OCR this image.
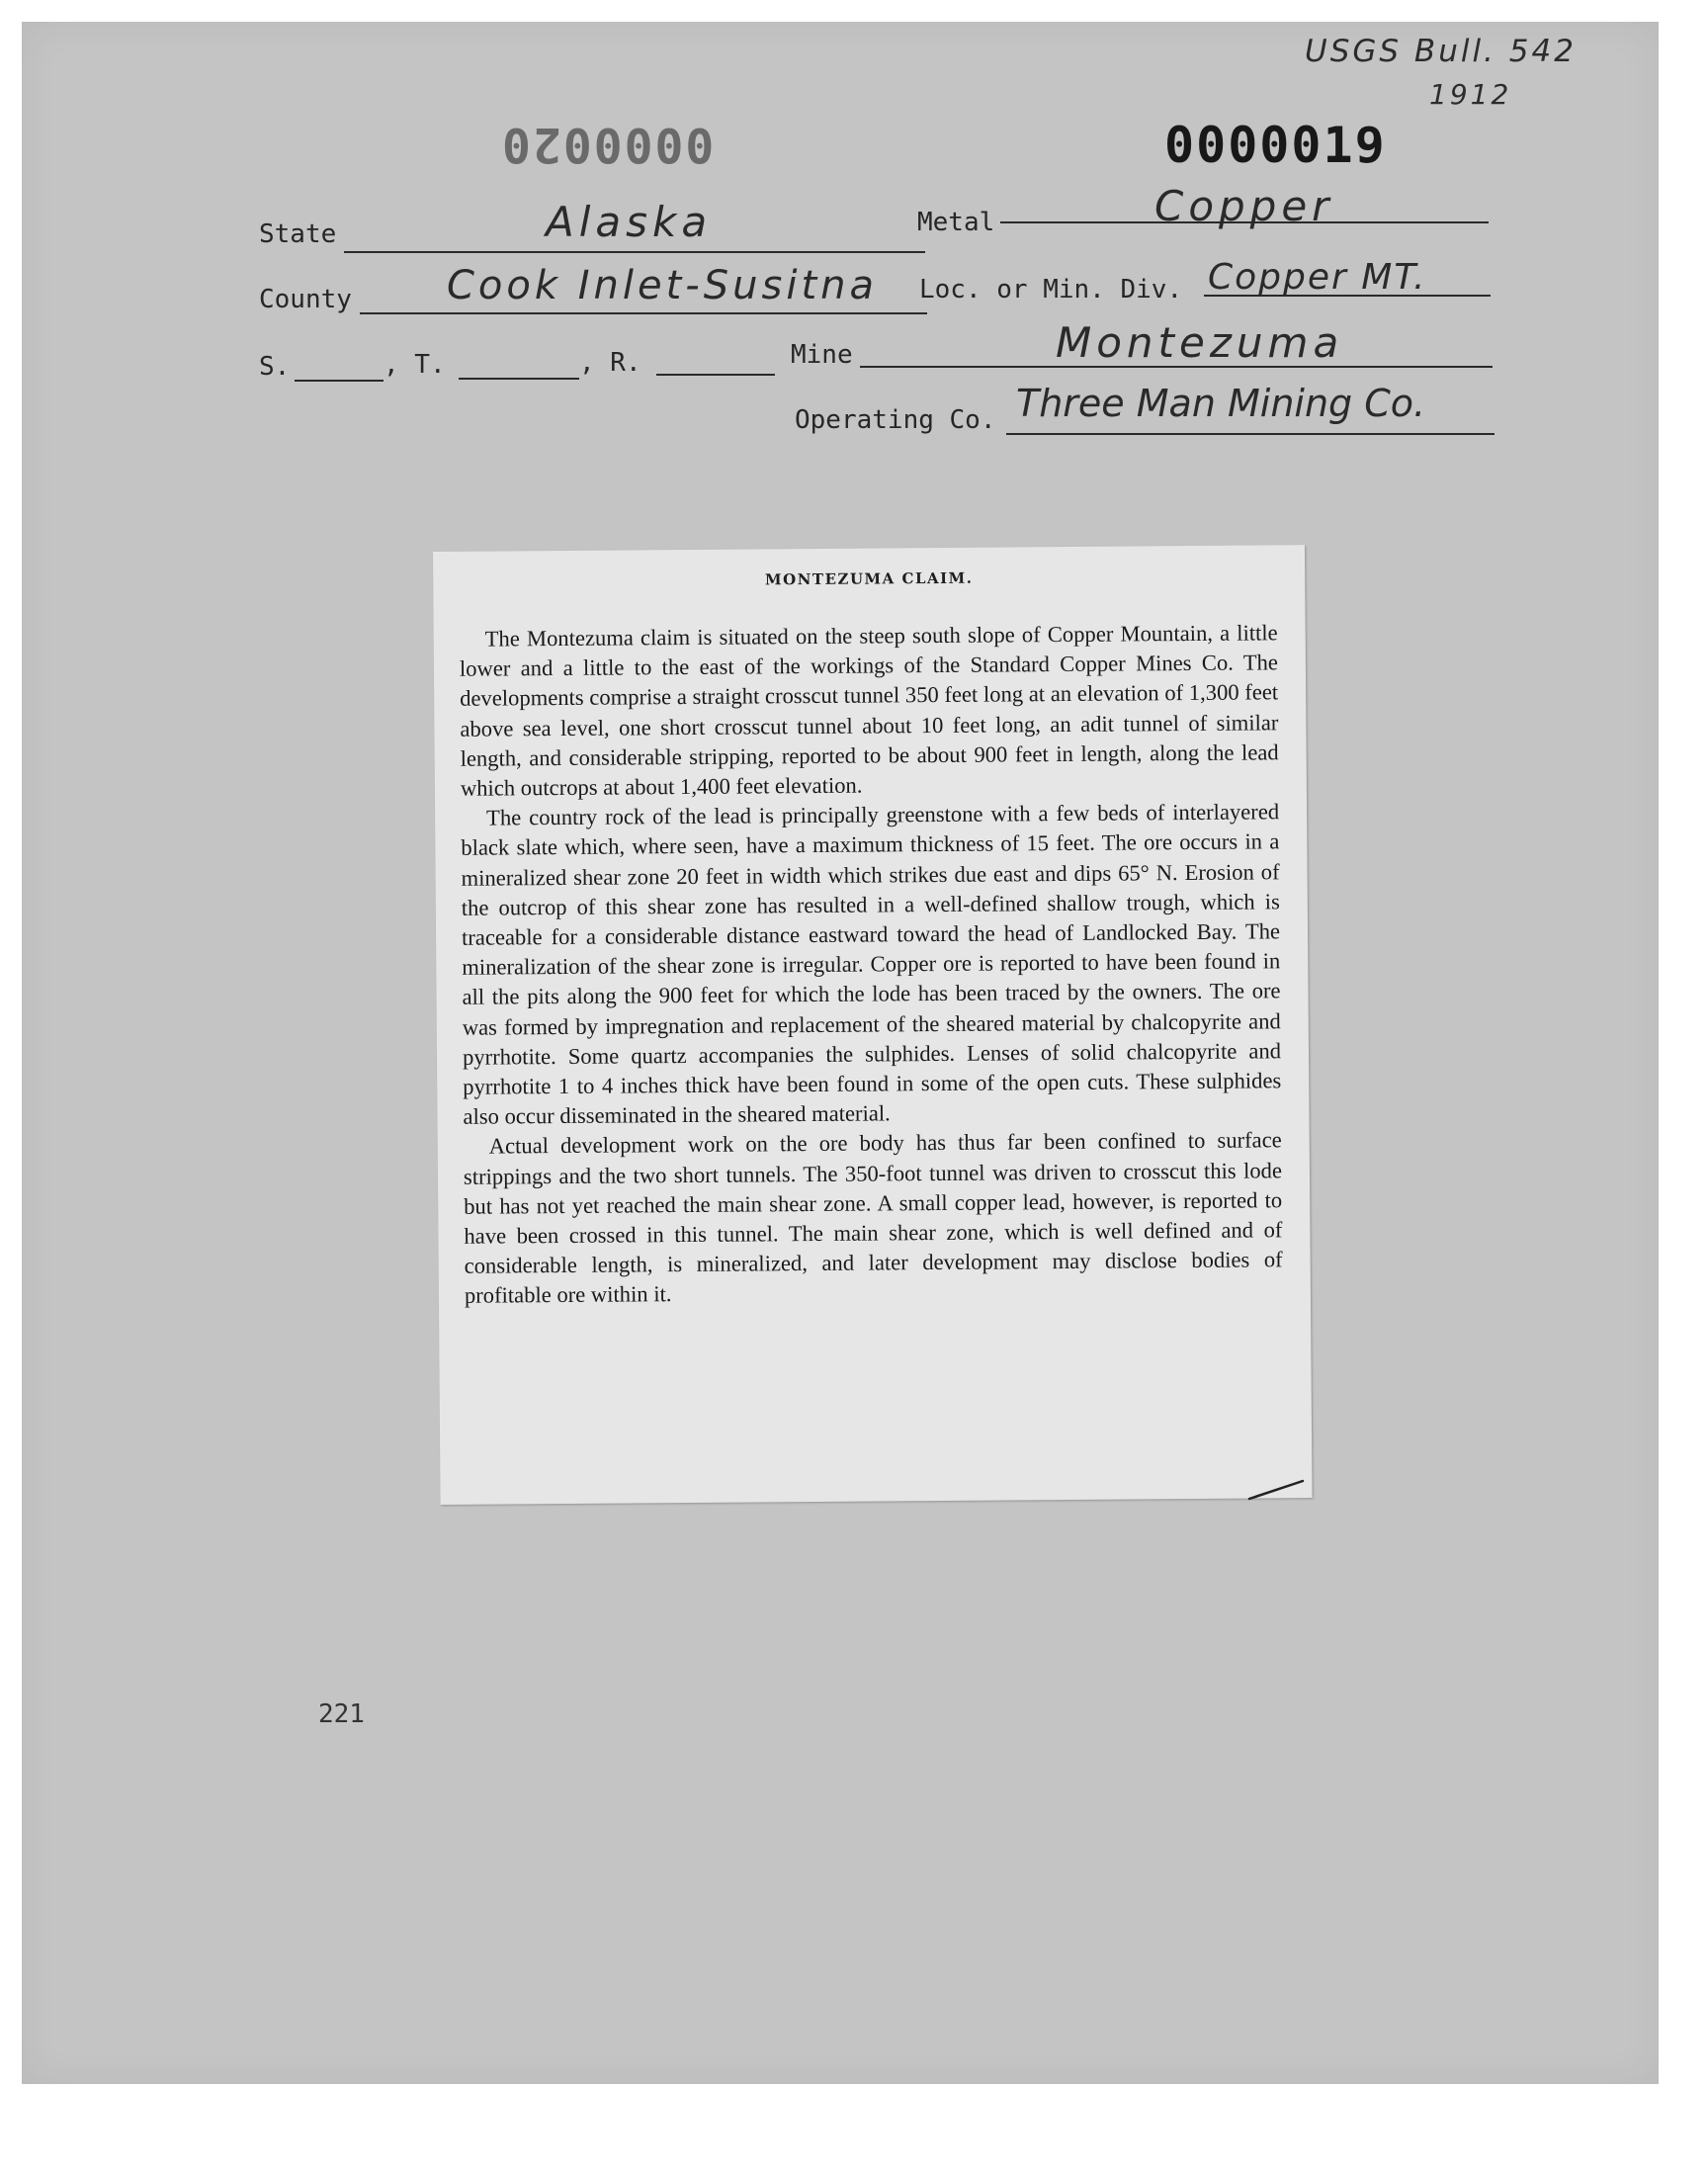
USGS Bull. 542
1912
0000020	0000019
State	Alaska	Metal	Copper
County Cook Inlet-Susitna Loc. or Min. Div. Copper MT.
S.	, T.	, R.	Mine	Montezuma
Operating Co. Three Man Mining Co.
MONTEZUMA CLAIM.

The Montezuma claim is situated on the steep south slope of Copper Mountain, a little lower and a little to the east of the workings of the Standard Copper Mines Co. The developments comprise a straight crosscut tunnel 350 feet long at an elevation of 1,300 feet above sea level, one short crosscut tunnel about 10 feet long, an adit tunnel of similar length, and considerable stripping, reported to be about 900 feet in length, along the lead which outcrops at about 1,400 feet elevation.

The country rock of the lead is principally greenstone with a few beds of interlayered black slate which, where seen, have a maximum thickness of 15 feet. The ore occurs in a mineralized shear zone 20 feet in width which strikes due east and dips 65° N. Erosion of the outcrop of this shear zone has resulted in a well-defined shallow trough, which is traceable for a considerable distance eastward toward the head of Landlocked Bay. The mineralization of the shear zone is irregular. Copper ore is reported to have been found in all the pits along the 900 feet for which the lode has been traced by the owners. The ore was formed by impregnation and replacement of the sheared material by chalcopyrite and pyrrhotite. Some quartz accompanies the sulphides. Lenses of solid chalcopyrite and pyrrhotite 1 to 4 inches thick have been found in some of the open cuts. These sulphides also occur disseminated in the sheared material.

Actual development work on the ore body has thus far been confined to surface strippings and the two short tunnels. The 350-foot tunnel was driven to crosscut this lode but has not yet reached the main shear zone. A small copper lead, however, is reported to have been crossed in this tunnel. The main shear zone, which is well defined and of considerable length, is mineralized, and later development may disclose bodies of profitable ore within it.

221
